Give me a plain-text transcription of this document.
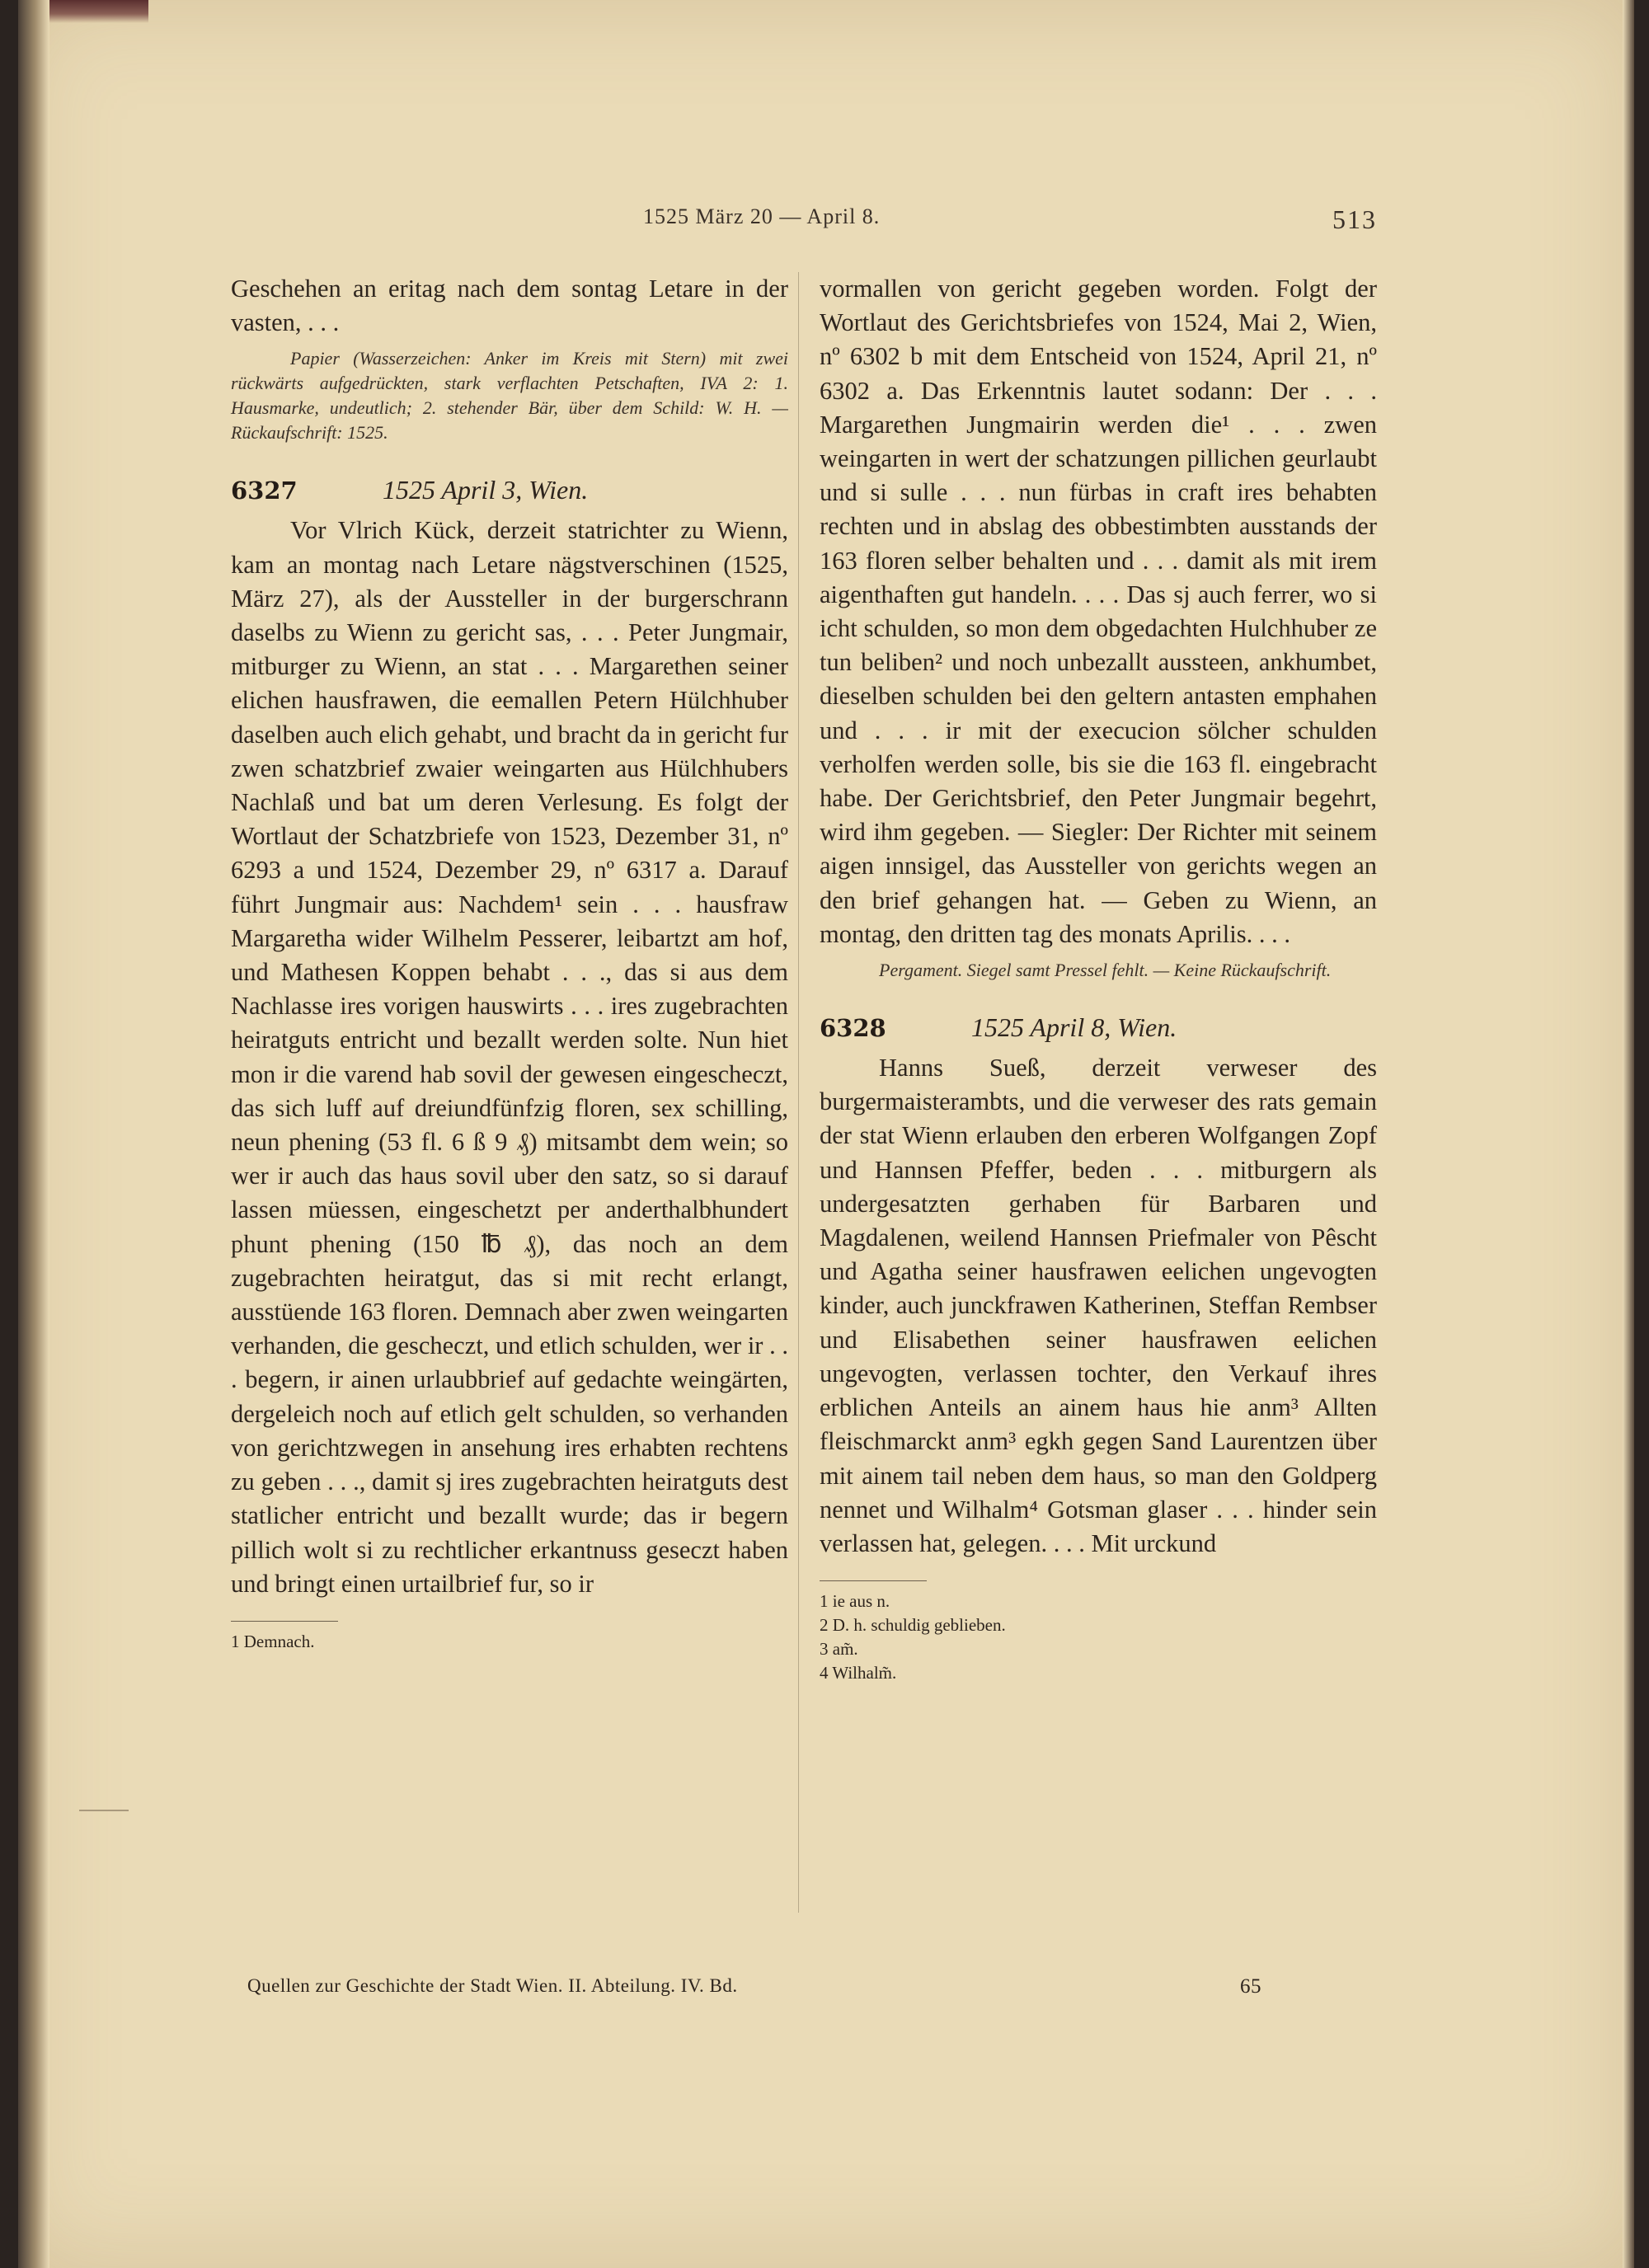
1525 März 20 — April 8.	513

Geschehen an eritag nach dem sontag Letare in der vasten, . . .

Papier (Wasserzeichen: Anker im Kreis mit Stern) mit zwei rückwärts aufgedrückten, stark verflachten Petschaften, IVA 2: 1. Hausmarke, undeutlich; 2. stehender Bär, über dem Schild: W. H. — Rückaufschrift: 1525.

6327	1525 April 3, Wien.

Vor Vlrich Kück, derzeit statrichter zu Wienn, kam an montag nach Letare nägstverschinen (1525, März 27), als der Aussteller in der burgerschrann daselbs zu Wienn zu gericht sas, . . . Peter Jungmair, mitburger zu Wienn, an stat . . . Margarethen seiner elichen hausfrawen, die eemallen Petern Hülchhuber daselben auch elich gehabt, und bracht da in gericht fur zwen schatzbrief zwaier weingarten aus Hülchhubers Nachlaß und bat um deren Verlesung. Es folgt der Wortlaut der Schatzbriefe von 1523, Dezember 31, nº 6293 a und 1524, Dezember 29, nº 6317 a. Darauf führt Jungmair aus: Nachdem¹ sein . . . hausfraw Margaretha wider Wilhelm Pesserer, leibartzt am hof, und Mathesen Koppen behabt . . ., das si aus dem Nachlasse ires vorigen hauswirts . . . ires zugebrachten heiratguts entricht und bezallt werden solte. Nun hiet mon ir die varend hab sovil der gewesen eingescheczt, das sich luff auf dreiundfünfzig floren, sex schilling, neun phening (53 fl. 6 ß 9 ₰) mitsambt dem wein; so wer ir auch das haus sovil uber den satz, so si darauf lassen müessen, eingeschetzt per anderthalbhundert phunt phening (150 ℔ ₰), das noch an dem zugebrachten heiratgut, das si mit recht erlangt, ausstüende 163 floren. Demnach aber zwen weingarten verhanden, die gescheczt, und etlich schulden, wer ir . . . begern, ir ainen urlaubbrief auf gedachte weingärten, dergeleich noch auf etlich gelt schulden, so verhanden von gerichtzwegen in ansehung ires erhabten rechtens zu geben . . ., damit sj ires zugebrachten heiratguts dest statlicher entricht und bezallt wurde; das ir begern pillich wolt si zu rechtlicher erkantnuss geseczt haben und bringt einen urtailbrief fur, so ir

1 Demnach.

vormallen von gericht gegeben worden. Folgt der Wortlaut des Gerichtsbriefes von 1524, Mai 2, Wien, nº 6302 b mit dem Entscheid von 1524, April 21, nº 6302 a. Das Erkenntnis lautet sodann: Der . . . Margarethen Jungmairin werden die¹ . . . zwen weingarten in wert der schatzungen pillichen geurlaubt und si sulle . . . nun fürbas in craft ires behabten rechten und in abslag des obbestimbten ausstands der 163 floren selber behalten und . . . damit als mit irem aigenthaften gut handeln. . . . Das sj auch ferrer, wo si icht schulden, so mon dem obgedachten Hulchhuber ze tun beliben² und noch unbezallt aussteen, ankhumbet, dieselben schulden bei den geltern antasten emphahen und . . . ir mit der execucion sölcher schulden verholfen werden solle, bis sie die 163 fl. eingebracht habe. Der Gerichtsbrief, den Peter Jungmair begehrt, wird ihm gegeben. — Siegler: Der Richter mit seinem aigen innsigel, das Aussteller von gerichts wegen an den brief gehangen hat. — Geben zu Wienn, an montag, den dritten tag des monats Aprilis. . . .

Pergament. Siegel samt Pressel fehlt. — Keine Rückaufschrift.

6328	1525 April 8, Wien.

Hanns Sueß, derzeit verweser des burgermaisterambts, und die verweser des rats gemain der stat Wienn erlauben den erberen Wolfgangen Zopf und Hannsen Pfeffer, beden . . . mitburgern als undergesatzten gerhaben für Barbaren und Magdalenen, weilend Hannsen Priefmaler von Pêscht und Agatha seiner hausfrawen eelichen ungevogten kinder, auch junckfrawen Katherinen, Steffan Rembser und Elisabethen seiner hausfrawen eelichen ungevogten, verlassen tochter, den Verkauf ihres erblichen Anteils an ainem haus hie anm³ Allten fleischmarckt anm³ egkh gegen Sand Laurentzen über mit ainem tail neben dem haus, so man den Goldperg nennet und Wilhalm⁴ Gotsman glaser . . . hinder sein verlassen hat, gelegen. . . . Mit urckund

1 ie aus n.

2 D. h. schuldig geblieben.

3 am̃.

4 Wilhalm̃.

Quellen zur Geschichte der Stadt Wien. II. Abteilung. IV. Bd.	65
